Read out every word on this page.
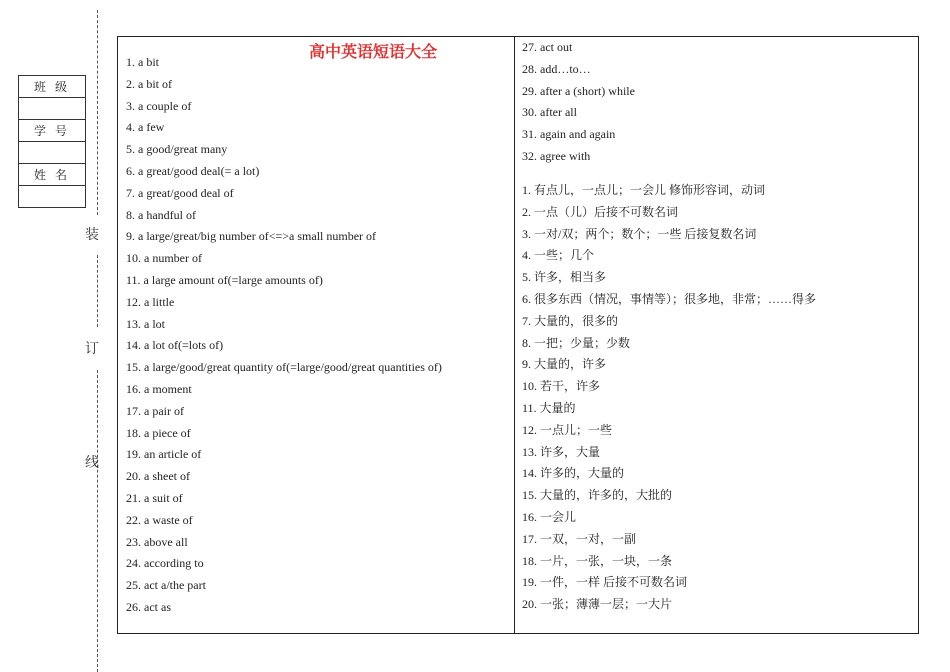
班 级
学 号
姓 名
装
订
线
高中英语短语大全
1. a bit
2. a bit of
3. a couple of
4. a few
5. a good/great many
6. a great/good deal(= a lot)
7. a great/good deal of
8. a handful of
9. a large/great/big number of<=>a small number of
10. a number of
11. a large amount of(=large amounts of)
12. a little
13. a lot
14. a lot of(=lots of)
15. a large/good/great quantity of(=large/good/great quantities of)
16. a moment
17. a pair of
18. a piece of
19. an article of
20. a sheet of
21. a suit of
22. a waste of
23. above all
24. according to
25. act a/the part
26. act as
27. act out
28. add…to…
29. after a (short) while
30. after all
31. again and again
32. agree with
1. 有点儿，一点儿；一会儿 修饰形容词，动词
2. 一点（儿）后接不可数名词
3. 一对/双；两个；数个；一些 后接复数名词
4. 一些；几个
5. 许多，相当多
6. 很多东西（情况，事情等）；很多地，非常；……得多
7. 大量的，很多的
8. 一把；少量；少数
9. 大量的，许多
10. 若干，许多
11. 大量的
12. 一点儿；一些
13. 许多，大量
14. 许多的，大量的
15. 大量的，许多的，大批的
16. 一会儿
17. 一双，一对，一副
18. 一片，一张，一块，一条
19. 一件，一样 后接不可数名词
20. 一张；薄薄一层；一大片
